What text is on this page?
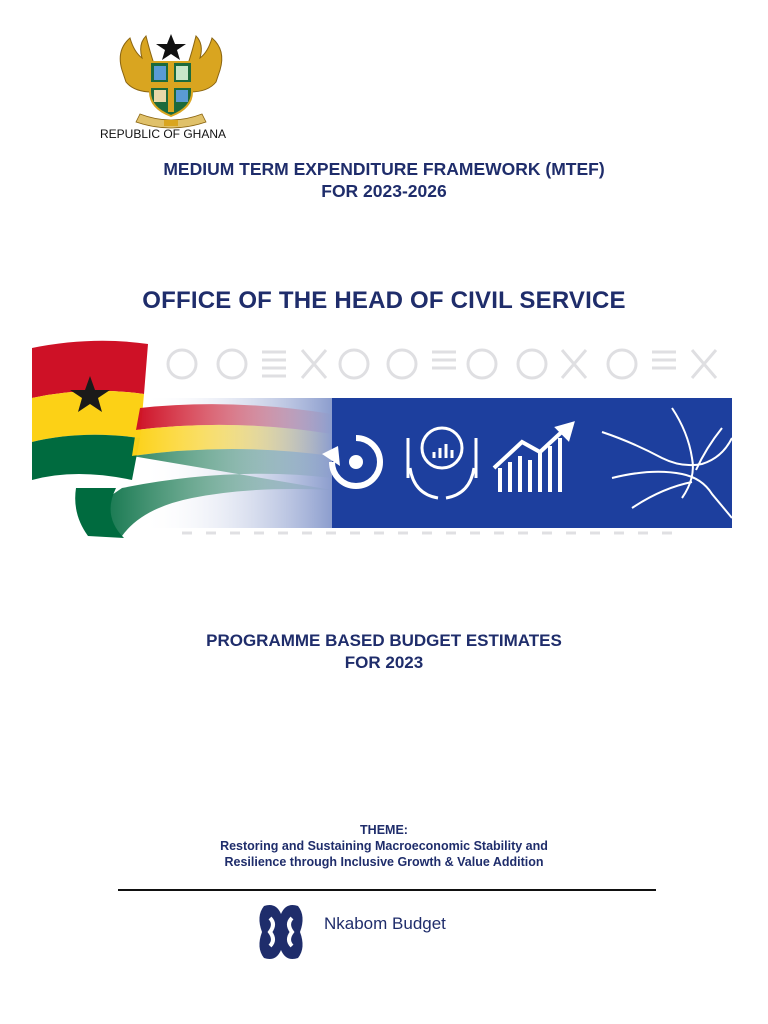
REPUBLIC OF GHANA
MEDIUM TERM EXPENDITURE FRAMEWORK (MTEF)
FOR 2023-2026
OFFICE OF THE HEAD OF CIVIL SERVICE
PROGRAMME BASED BUDGET ESTIMATES
FOR 2023
THEME:
Restoring and Sustaining Macroeconomic Stability and
Resilience through Inclusive Growth & Value Addition
Nkabom Budget
